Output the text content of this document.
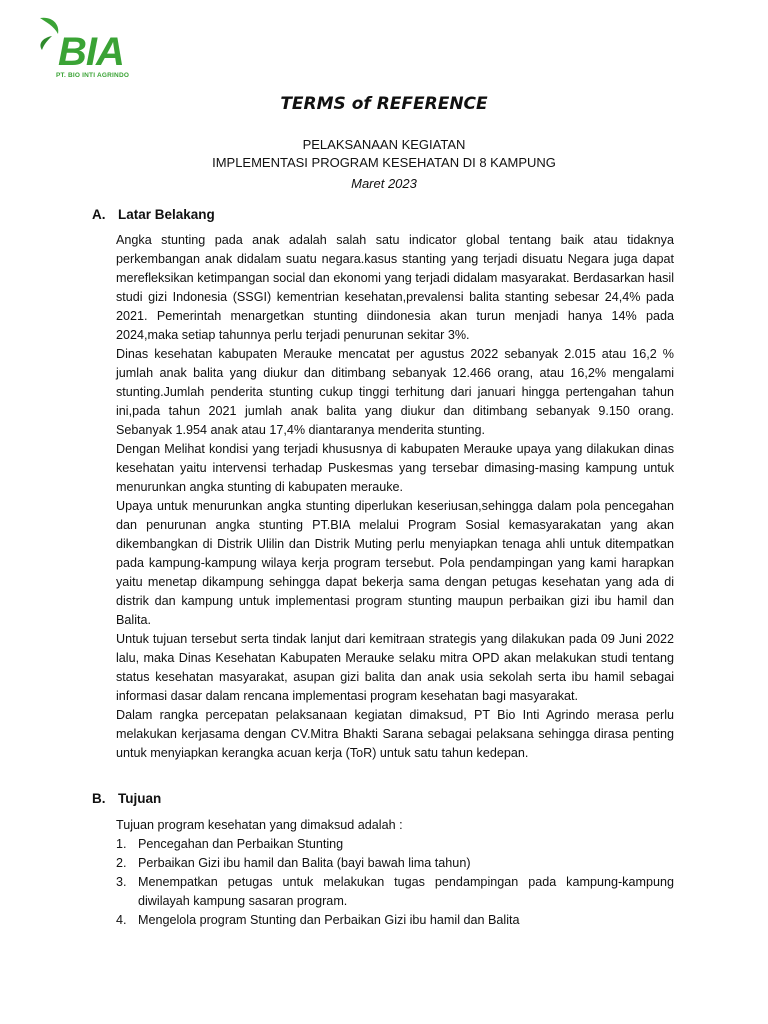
BIA
PT. BIO INTI AGRINDO
TERMS of REFERENCE
PELAKSANAAN KEGIATAN
IMPLEMENTASI PROGRAM KESEHATAN DI 8 KAMPUNG
Maret 2023
A. Latar Belakang

Angka stunting pada anak adalah salah satu indicator global tentang baik atau tidaknya perkembangan anak didalam suatu negara.kasus stanting yang terjadi disuatu Negara juga dapat merefleksikan ketimpangan social dan ekonomi yang terjadi didalam masyarakat. Berdasarkan hasil studi gizi Indonesia (SSGI) kementrian kesehatan,prevalensi balita stanting sebesar 24,4% pada 2021. Pemerintah menargetkan stunting diindonesia akan turun menjadi hanya 14% pada 2024,maka setiap tahunnya perlu terjadi penurunan sekitar 3%.

Dinas kesehatan kabupaten Merauke mencatat per agustus 2022 sebanyak 2.015 atau 16,2 % jumlah anak balita yang diukur dan ditimbang sebanyak 12.466 orang, atau 16,2% mengalami stunting.Jumlah penderita stunting cukup tinggi terhitung dari januari hingga pertengahan tahun ini,pada tahun 2021 jumlah anak balita yang diukur dan ditimbang sebanyak 9.150 orang. Sebanyak 1.954 anak atau 17,4% diantaranya menderita stunting.

Dengan Melihat kondisi yang terjadi khususnya di kabupaten Merauke upaya yang dilakukan dinas kesehatan yaitu intervensi terhadap Puskesmas yang tersebar dimasing-masing kampung untuk menurunkan angka stunting di kabupaten merauke.

Upaya untuk menurunkan angka stunting diperlukan keseriusan,sehingga dalam pola pencegahan dan penurunan angka stunting PT.BIA melalui Program Sosial kemasyarakatan yang akan dikembangkan di Distrik Ulilin dan Distrik Muting perlu menyiapkan tenaga ahli untuk ditempatkan pada kampung-kampung wilaya kerja program tersebut. Pola pendampingan yang kami harapkan yaitu menetap dikampung sehingga dapat bekerja sama dengan petugas kesehatan yang ada di distrik dan kampung untuk implementasi program stunting maupun perbaikan gizi ibu hamil dan Balita.

Untuk tujuan tersebut serta tindak lanjut dari kemitraan strategis yang dilakukan pada 09 Juni 2022 lalu, maka Dinas Kesehatan Kabupaten Merauke selaku mitra OPD akan melakukan studi tentang status kesehatan masyarakat, asupan gizi balita dan anak usia sekolah serta ibu hamil sebagai informasi dasar dalam rencana implementasi program kesehatan bagi masyarakat.

Dalam rangka percepatan pelaksanaan kegiatan dimaksud, PT Bio Inti Agrindo merasa perlu melakukan kerjasama dengan CV.Mitra Bhakti Sarana sebagai pelaksana sehingga dirasa penting untuk menyiapkan kerangka acuan kerja (ToR) untuk satu tahun kedepan.

B. Tujuan
Tujuan program kesehatan yang dimaksud adalah :
1. Pencegahan dan Perbaikan Stunting
2. Perbaikan Gizi ibu hamil dan Balita (bayi bawah lima tahun)
3. Menempatkan petugas untuk melakukan tugas pendampingan pada kampung-kampung diwilayah kampung sasaran program.
4. Mengelola program Stunting dan Perbaikan Gizi ibu hamil dan Balita
